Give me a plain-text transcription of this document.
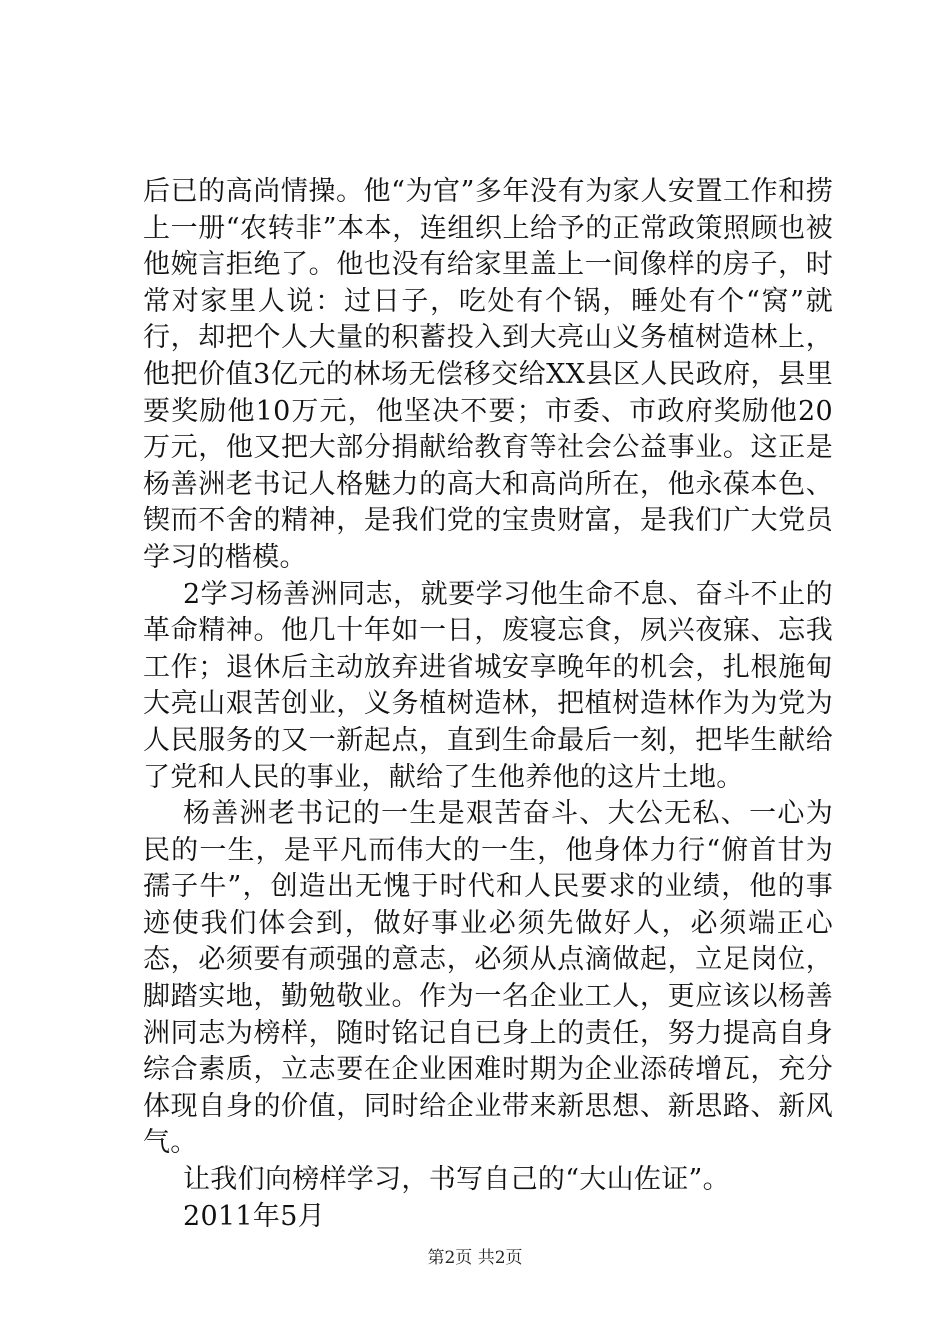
后已的高尚情操。他“为官”多年没有为家人安置工作和捞上一册“农转非”本本，连组织上给予的正常政策照顾也被他婉言拒绝了。他也没有给家里盖上一间像样的房子，时常对家里人说：过日子，吃处有个锅，睡处有个“窝”就行，却把个人大量的积蓄投入到大亮山义务植树造林上，他把价值3亿元的林场无偿移交给XX县区人民政府，县里要奖励他10万元，他坚决不要；市委、市政府奖励他20万元，他又把大部分捐献给教育等社会公益事业。这正是杨善洲老书记人格魅力的高大和高尚所在，他永葆本色、锲而不舍的精神，是我们党的宝贵财富，是我们广大党员学习的楷模。

2学习杨善洲同志，就要学习他生命不息、奋斗不止的革命精神。他几十年如一日，废寝忘食，夙兴夜寐、忘我工作；退休后主动放弃进省城安享晚年的机会，扎根施甸大亮山艰苦创业，义务植树造林，把植树造林作为为党为人民服务的又一新起点，直到生命最后一刻，把毕生献给了党和人民的事业，献给了生他养他的这片土地。

杨善洲老书记的一生是艰苦奋斗、大公无私、一心为民的一生，是平凡而伟大的一生，他身体力行“俯首甘为孺子牛”，创造出无愧于时代和人民要求的业绩，他的事迹使我们体会到，做好事业必须先做好人，必须端正心态，必须要有顽强的意志，必须从点滴做起，立足岗位，脚踏实地，勤勉敬业。作为一名企业工人，更应该以杨善洲同志为榜样，随时铭记自已身上的责任，努力提高自身综合素质，立志要在企业困难时期为企业添砖增瓦，充分体现自身的价值，同时给企业带来新思想、新思路、新风气。

让我们向榜样学习，书写自己的“大山佐证”。

2011年5月

第2页 共2页
